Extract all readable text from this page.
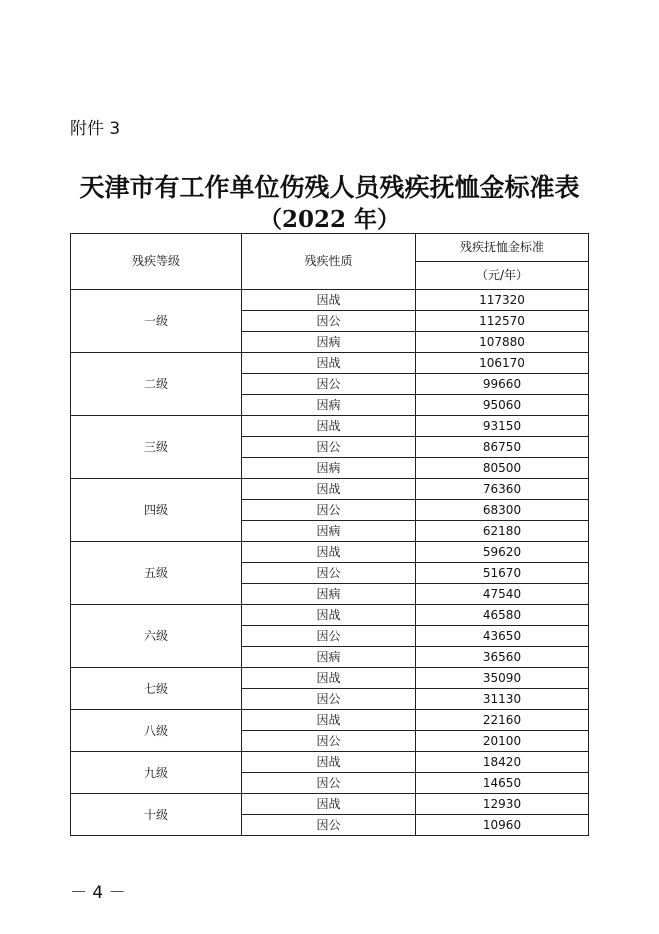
附件 3
天津市有工作单位伤残人员残疾抚恤金标准表
（2022 年）
残疾等级	残疾性质	残疾抚恤金标准
		（元/年）
一级	因战	117320
	因公	112570
	因病	107880
二级	因战	106170
	因公	99660
	因病	95060
三级	因战	93150
	因公	86750
	因病	80500
四级	因战	76360
	因公	68300
	因病	62180
五级	因战	59620
	因公	51670
	因病	47540
六级	因战	46580
	因公	43650
	因病	36560
七级	因战	35090
	因公	31130
八级	因战	22160
	因公	20100
九级	因战	18420
	因公	14650
十级	因战	12930
	因公	10960
－ 4 －
